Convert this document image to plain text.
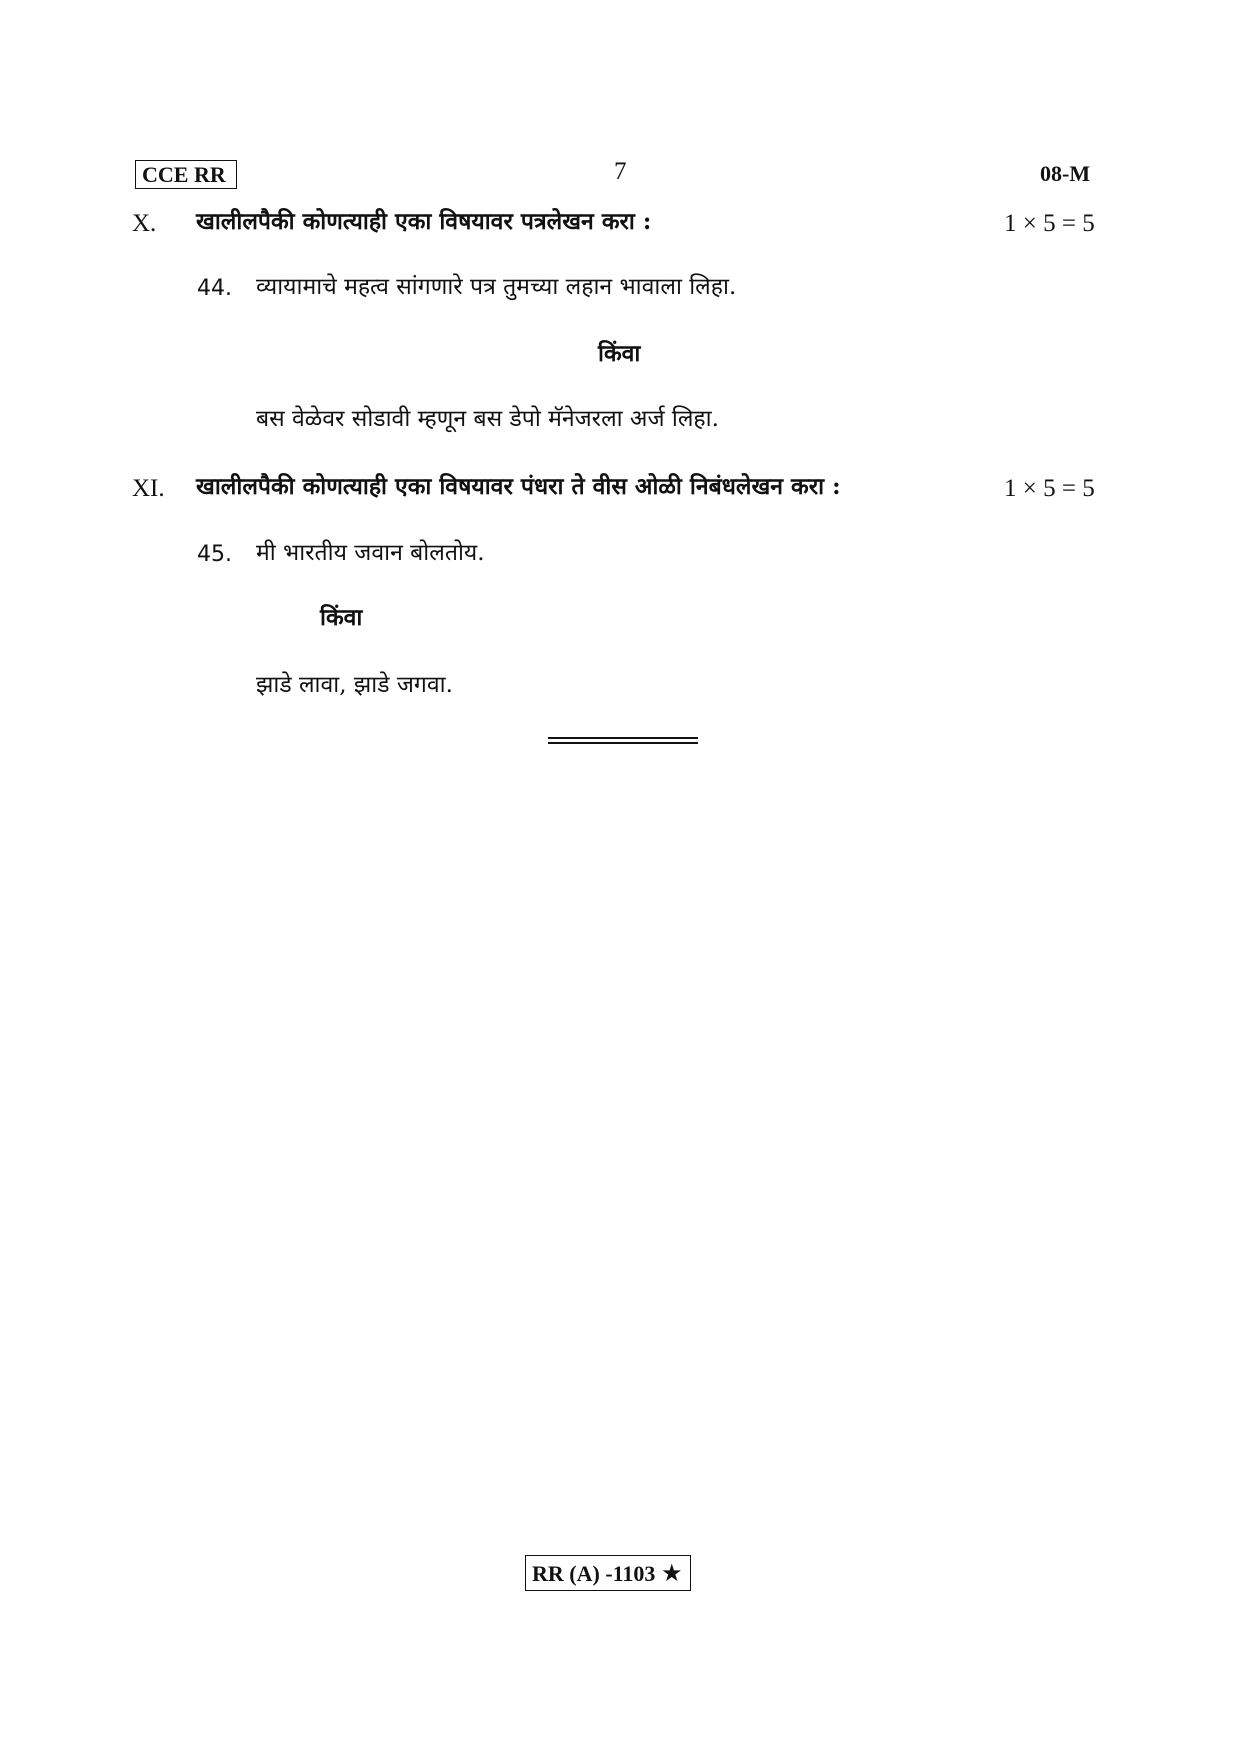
CCE RR	7	08-M
X. खालीलपैकी कोणत्याही एका विषयावर पत्रलेखन करा :	1 × 5 = 5
44. व्यायामाचे महत्व सांगणारे पत्र तुमच्या लहान भावाला लिहा.
किंवा
बस वेळेवर सोडावी म्हणून बस डेपो मॅनेजरला अर्ज लिहा.
XI. खालीलपैकी कोणत्याही एका विषयावर पंधरा ते वीस ओळी निबंधलेखन करा :	1 × 5 = 5
45. मी भारतीय जवान बोलतोय.
किंवा
झाडे लावा, झाडे जगवा.
RR (A) -1103 ★
